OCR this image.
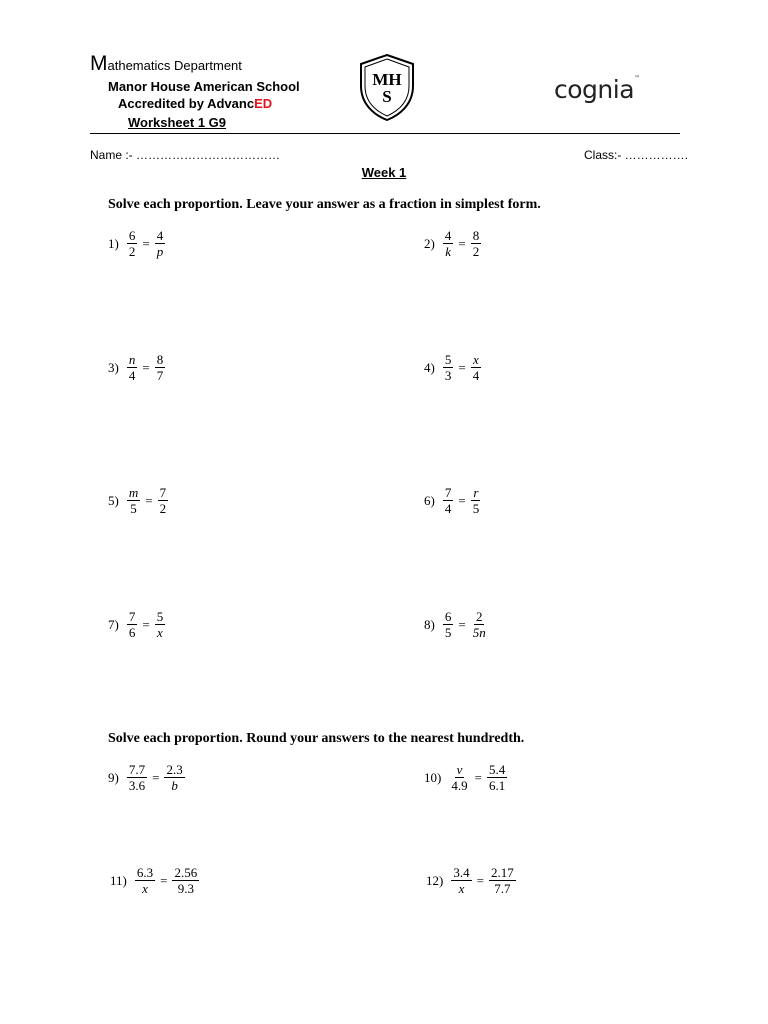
Mathematics Department
Manor House American School
Accredited by AdvancED
Worksheet 1 G9
MH
S	cognia™
Name :- ………………………………	Class:- …………….
Week 1
Solve each proportion. Leave your answer as a fraction in simplest form.
$1) \frac{6}{2} = \frac{4}{p}$	$2) \frac{4}{k} = \frac{8}{2}$
$3) \frac{n}{4} = \frac{8}{7}$	$4) \frac{5}{3} = \frac{x}{4}$
$5) \frac{m}{5} = \frac{7}{2}$	$6) \frac{7}{4} = \frac{r}{5}$
$7) \frac{7}{6} = \frac{5}{x}$	$8) \frac{6}{5} = \frac{2}{5n}$
Solve each proportion. Round your answers to the nearest hundredth.
$9) \frac{7.7}{3.6} = \frac{2.3}{b}$	$10) \frac{v}{4.9} = \frac{5.4}{6.1}$
$11) \frac{6.3}{x} = \frac{2.56}{9.3}$	$12) \frac{3.4}{x} = \frac{2.17}{7.7}$
